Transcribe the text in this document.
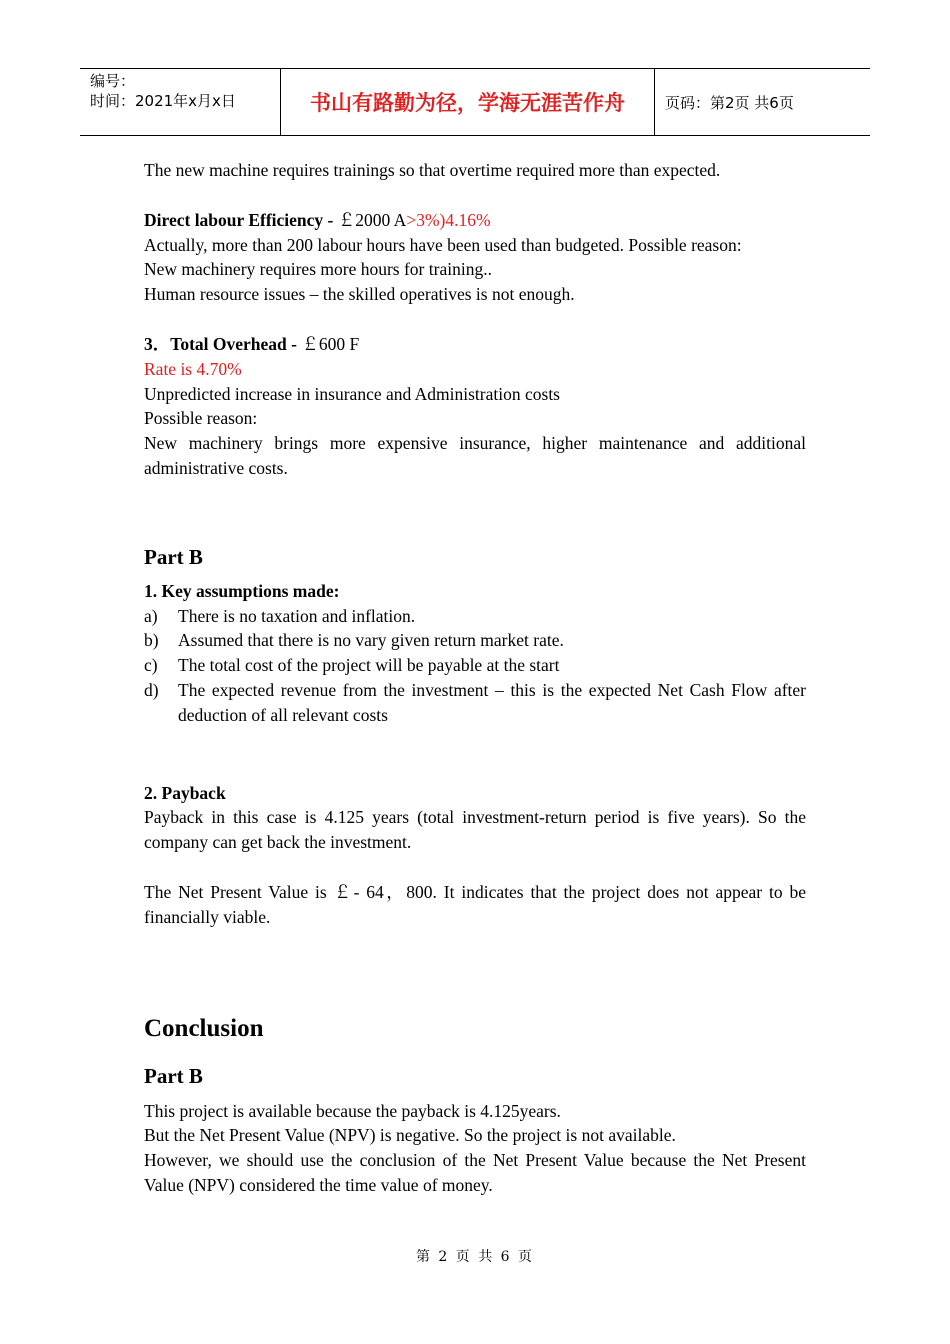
编号：
时间：2021年x月x日	书山有路勤为径，学海无涯苦作舟	页码：第2页 共6页

The new machine requires trainings so that overtime required more than expected.

Direct labour Efficiency - ￡2000 A>3%)4.16%

Actually, more than 200 labour hours have been used than budgeted. Possible reason:

New machinery requires more hours for training..

Human resource issues – the skilled operatives is not enough.

3．Total Overhead - ￡600 F

Rate is 4.70%

Unpredicted increase in insurance and Administration costs

Possible reason:

New machinery brings more expensive insurance, higher maintenance and additional administrative costs.

Part B

1. Key assumptions made:

a)	There is no taxation and inflation.
b)	Assumed that there is no vary given return market rate.
c)	The total cost of the project will be payable at the start
d)	The expected revenue from the investment – this is the expected Net Cash Flow after deduction of all relevant costs

2. Payback

Payback in this case is 4.125 years (total investment-return period is five years). So the company can get back the investment.

The Net Present Value is ￡- 64，800. It indicates that the project does not appear to be financially viable.

Conclusion
Part B

This project is available because the payback is 4.125years.

But the Net Present Value (NPV) is negative. So the project is not available.

However, we should use the conclusion of the Net Present Value because the Net Present Value (NPV) considered the time value of money.

第 2 页 共 6 页
